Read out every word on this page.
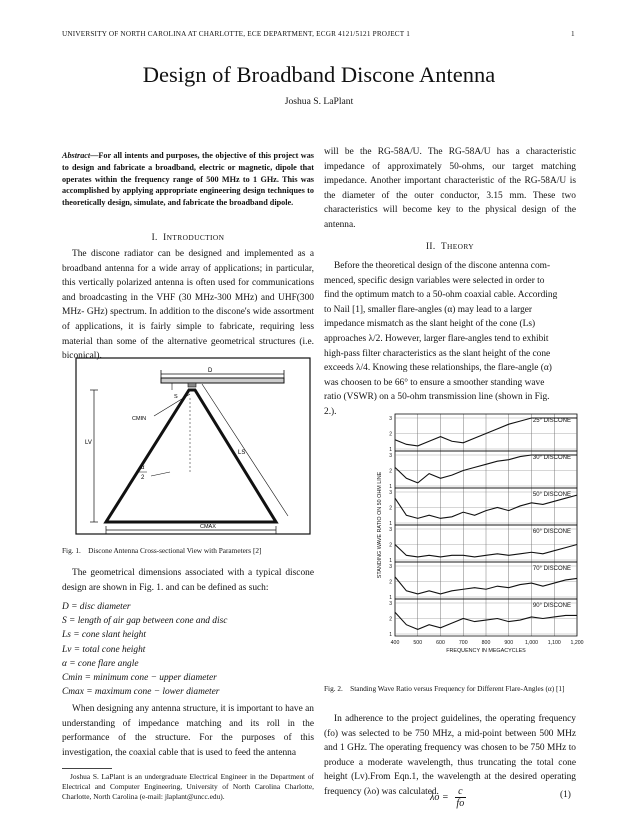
UNIVERSITY OF NORTH CAROLINA AT CHARLOTTE, ECE DEPARTMENT, ECGR 4121/5121 PROJECT 1	1
Design of Broadband Discone Antenna
Joshua S. LaPlant
Abstract—For all intents and purposes, the objective of this project was to design and fabricate a broadband, electric or magnetic, dipole that operates within the frequency range of 500 MHz to 1 GHz. This was accomplished by applying appropriate engineering design techniques to theoretically design, simulate, and fabricate the broadband dipole.
I. INTRODUCTION

The discone radiator can be designed and implemented as a broadband antenna for a wide array of applications; in particular, this vertically polarized antenna is often used for communications and broadcasting in the VHF (30 MHz-300 MHz) and UHF(300 MHz- GHz) spectrum. In addition to the discone's wide assortment of applications, it is fairly simple to fabricate, requiring less material than some of the alternative geometrical structures (i.e. biconical).

D
S
CMIN
LV
LS
α
2
CMAX
Fig. 1. Discone Antenna Cross-sectional View with Parameters [2]

The geometrical dimensions associated with a typical discone design are shown in Fig. 1. and can be defined as such:

D = disc diameter
S = length of air gap between cone and disc
Ls = cone slant height
Lv = total cone height
α = cone flare angle
Cmin = minimum cone − upper diameter
Cmax = maximum cone − lower diameter

When designing any antenna structure, it is important to have an understanding of impedance matching and its roll in the performance of the structure. For the purposes of this investigation, the coaxial cable that is used to feed the antenna

Joshua S. LaPlant is an undergraduate Electrical Engineer in the Department of Electrical and Computer Engineering, University of North Carolina Charlotte, Charlotte, North Carolina (e-mail: jlaplant@uncc.edu).

will be the RG-58A/U. The RG-58A/U has a characteristic impedance of approximately 50-ohms, our target matching impedance. Another important characteristic of the RG-58A/U is the diameter of the outer conductor, 3.15 mm. These two characteristics will become key to the physical design of the antenna.

II. THEORY
Before the theoretical design of the discone antenna com-
menced, specific design variables were selected in order to
find the optimum match to a 50-ohm coaxial cable. According
to Nail [1], smaller flare-angles (α) may lead to a larger
impedance mismatch as the slant height of the cone (Ls)
approaches λ/2. However, larger flare-angles tend to exhibit
high-pass filter characteristics as the slant height of the cone
exceeds λ/4. Knowing these relationships, the flare-angle (α)
was choosen to be 66° to ensure a smoother standing wave
ratio (VSWR) on a 50-ohm transmission line (shown in Fig.
2.).
400	500	600	700	800	900 1,000 1,100 1,200
1
2
3	25° DISCONE
1
2
3	30° DISCONE
1
2
3	50° DISCONE
1
2
3	60° DISCONE
1
2
3	70° DISCONE
1
2
3	90° DISCONE
FREQUENCY IN MEGACYCLES
STANDING WAVE RATIO ON 50 OHM LINE
Fig. 2. Standing Wave Ratio versus Frequency for Different Flare-Angles (α) [1]

In adherence to the project guidelines, the operating frequency (fo) was selected to be 750 MHz, a mid-point between 500 MHz and 1 GHz. The operating frequency was chosen to be 750 MHz to produce a moderate wavelength, thus truncating the total cone height (Lv).From Eqn.1, the wavelength at the desired operating frequency (λo) was calculated.

$\lambda o = \frac{c}{fo}$	(1)
